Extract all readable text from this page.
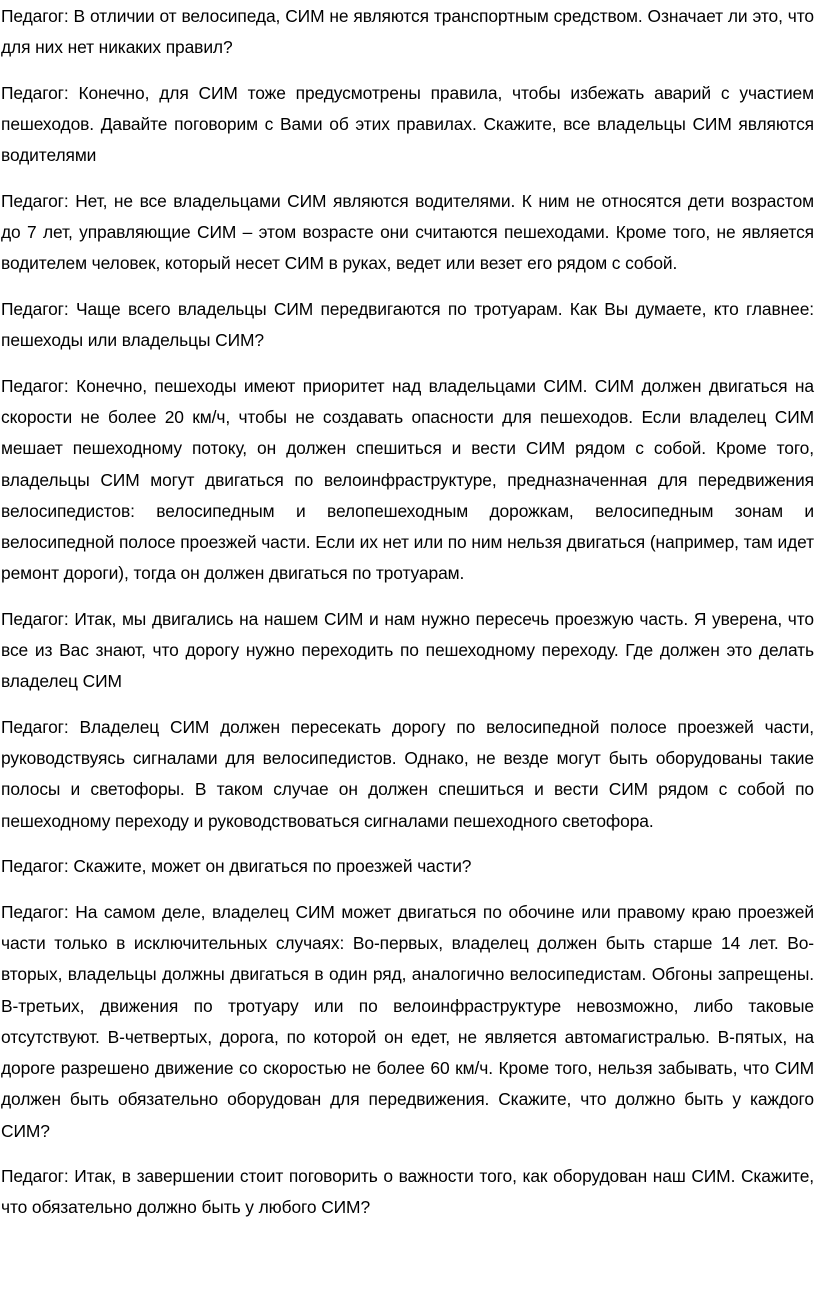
Педагог: В отличии от велосипеда, СИМ не являются транспортным средством. Означает ли это, что для них нет никаких правил?

Педагог: Конечно, для СИМ тоже предусмотрены правила, чтобы избежать аварий с участием пешеходов. Давайте поговорим с Вами об этих правилах. Скажите, все владельцы СИМ являются водителями

Педагог: Нет, не все владельцами СИМ являются водителями. К ним не относятся дети возрастом до 7 лет, управляющие СИМ – этом возрасте они считаются пешеходами. Кроме того, не является водителем человек, который несет СИМ в руках, ведет или везет его рядом с собой.

Педагог: Чаще всего владельцы СИМ передвигаются по тротуарам. Как Вы думаете, кто главнее: пешеходы или владельцы СИМ?

Педагог: Конечно, пешеходы имеют приоритет над владельцами СИМ. СИМ должен двигаться на скорости не более 20 км/ч, чтобы не создавать опасности для пешеходов. Если владелец СИМ мешает пешеходному потоку, он должен спешиться и вести СИМ рядом с собой. Кроме того, владельцы СИМ могут двигаться по велоинфраструктуре, предназначенная для передвижения велосипедистов: велосипедным и велопешеходным дорожкам, велосипедным зонам и велосипедной полосе проезжей части. Если их нет или по ним нельзя двигаться (например, там идет ремонт дороги), тогда он должен двигаться по тротуарам.

Педагог: Итак, мы двигались на нашем СИМ и нам нужно пересечь проезжую часть. Я уверена, что все из Вас знают, что дорогу нужно переходить по пешеходному переходу. Где должен это делать владелец СИМ

Педагог: Владелец СИМ должен пересекать дорогу по велосипедной полосе проезжей части, руководствуясь сигналами для велосипедистов. Однако, не везде могут быть оборудованы такие полосы и светофоры. В таком случае он должен спешиться и вести СИМ рядом с собой по пешеходному переходу и руководствоваться сигналами пешеходного светофора.

Педагог: Скажите, может он двигаться по проезжей части?

Педагог: На самом деле, владелец СИМ может двигаться по обочине или правому краю проезжей части только в исключительных случаях: Во-первых, владелец должен быть старше 14 лет. Во-вторых, владельцы должны двигаться в один ряд, аналогично велосипедистам. Обгоны запрещены. В-третьих, движения по тротуару или по велоинфраструктуре невозможно, либо таковые отсутствуют. В-четвертых, дорога, по которой он едет, не является автомагистралью. В-пятых, на дороге разрешено движение со скоростью не более 60 км/ч. Кроме того, нельзя забывать, что СИМ должен быть обязательно оборудован для передвижения. Скажите, что должно быть у каждого СИМ?

Педагог: Итак, в завершении стоит поговорить о важности того, как оборудован наш СИМ. Скажите, что обязательно должно быть у любого СИМ?
